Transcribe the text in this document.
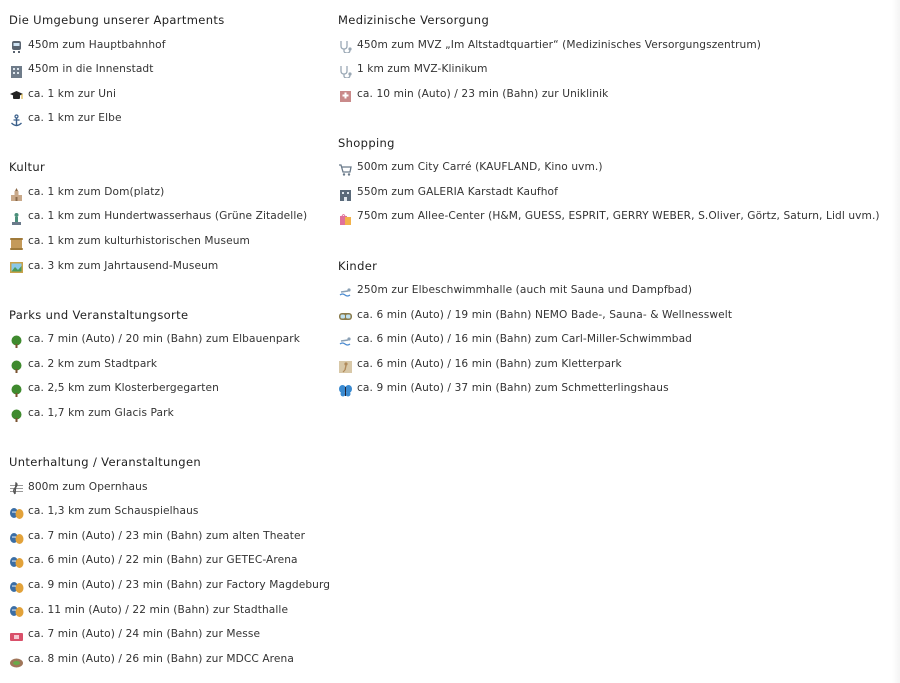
Die Umgebung unserer Apartments
450m zum Hauptbahnhof
450m in die Innenstadt
ca. 1 km zur Uni
ca. 1 km zur Elbe
Kultur
ca. 1 km zum Dom(platz)
ca. 1 km zum Hundertwasserhaus (Grüne Zitadelle)
ca. 1 km zum kulturhistorischen Museum
ca. 3 km zum Jahrtausend-Museum
Parks und Veranstaltungsorte
ca. 7 min (Auto) / 20 min (Bahn) zum Elbauenpark
ca. 2 km zum Stadtpark
ca. 2,5 km zum Klosterbergegarten
ca. 1,7 km zum Glacis Park
Unterhaltung / Veranstaltungen
800m zum Opernhaus
ca. 1,3 km zum Schauspielhaus
ca. 7 min (Auto) / 23 min (Bahn) zum alten Theater
ca. 6 min (Auto) / 22 min (Bahn) zur GETEC-Arena
ca. 9 min (Auto) / 23 min (Bahn) zur Factory Magdeburg
ca. 11 min (Auto) / 22 min (Bahn) zur Stadthalle
ca. 7 min (Auto) / 24 min (Bahn) zur Messe
ca. 8 min (Auto) / 26 min (Bahn) zur MDCC Arena
Medizinische Versorgung
450m zum MVZ „Im Altstadtquartier“ (Medizinisches Versorgungszentrum)
1 km zum MVZ-Klinikum
ca. 10 min (Auto) / 23 min (Bahn) zur Uniklinik
Shopping
500m zum City Carré (KAUFLAND, Kino uvm.)
550m zum GALERIA Karstadt Kaufhof
750m zum Allee-Center (H&M, GUESS, ESPRIT, GERRY WEBER, S.Oliver, Görtz, Saturn, Lidl uvm.)
Kinder
250m zur Elbeschwimmhalle (auch mit Sauna und Dampfbad)
ca. 6 min (Auto) / 19 min (Bahn) NEMO Bade-, Sauna- & Wellnesswelt
ca. 6 min (Auto) / 16 min (Bahn) zum Carl-Miller-Schwimmbad
ca. 6 min (Auto) / 16 min (Bahn) zum Kletterpark
ca. 9 min (Auto) / 37 min (Bahn) zum Schmetterlingshaus
